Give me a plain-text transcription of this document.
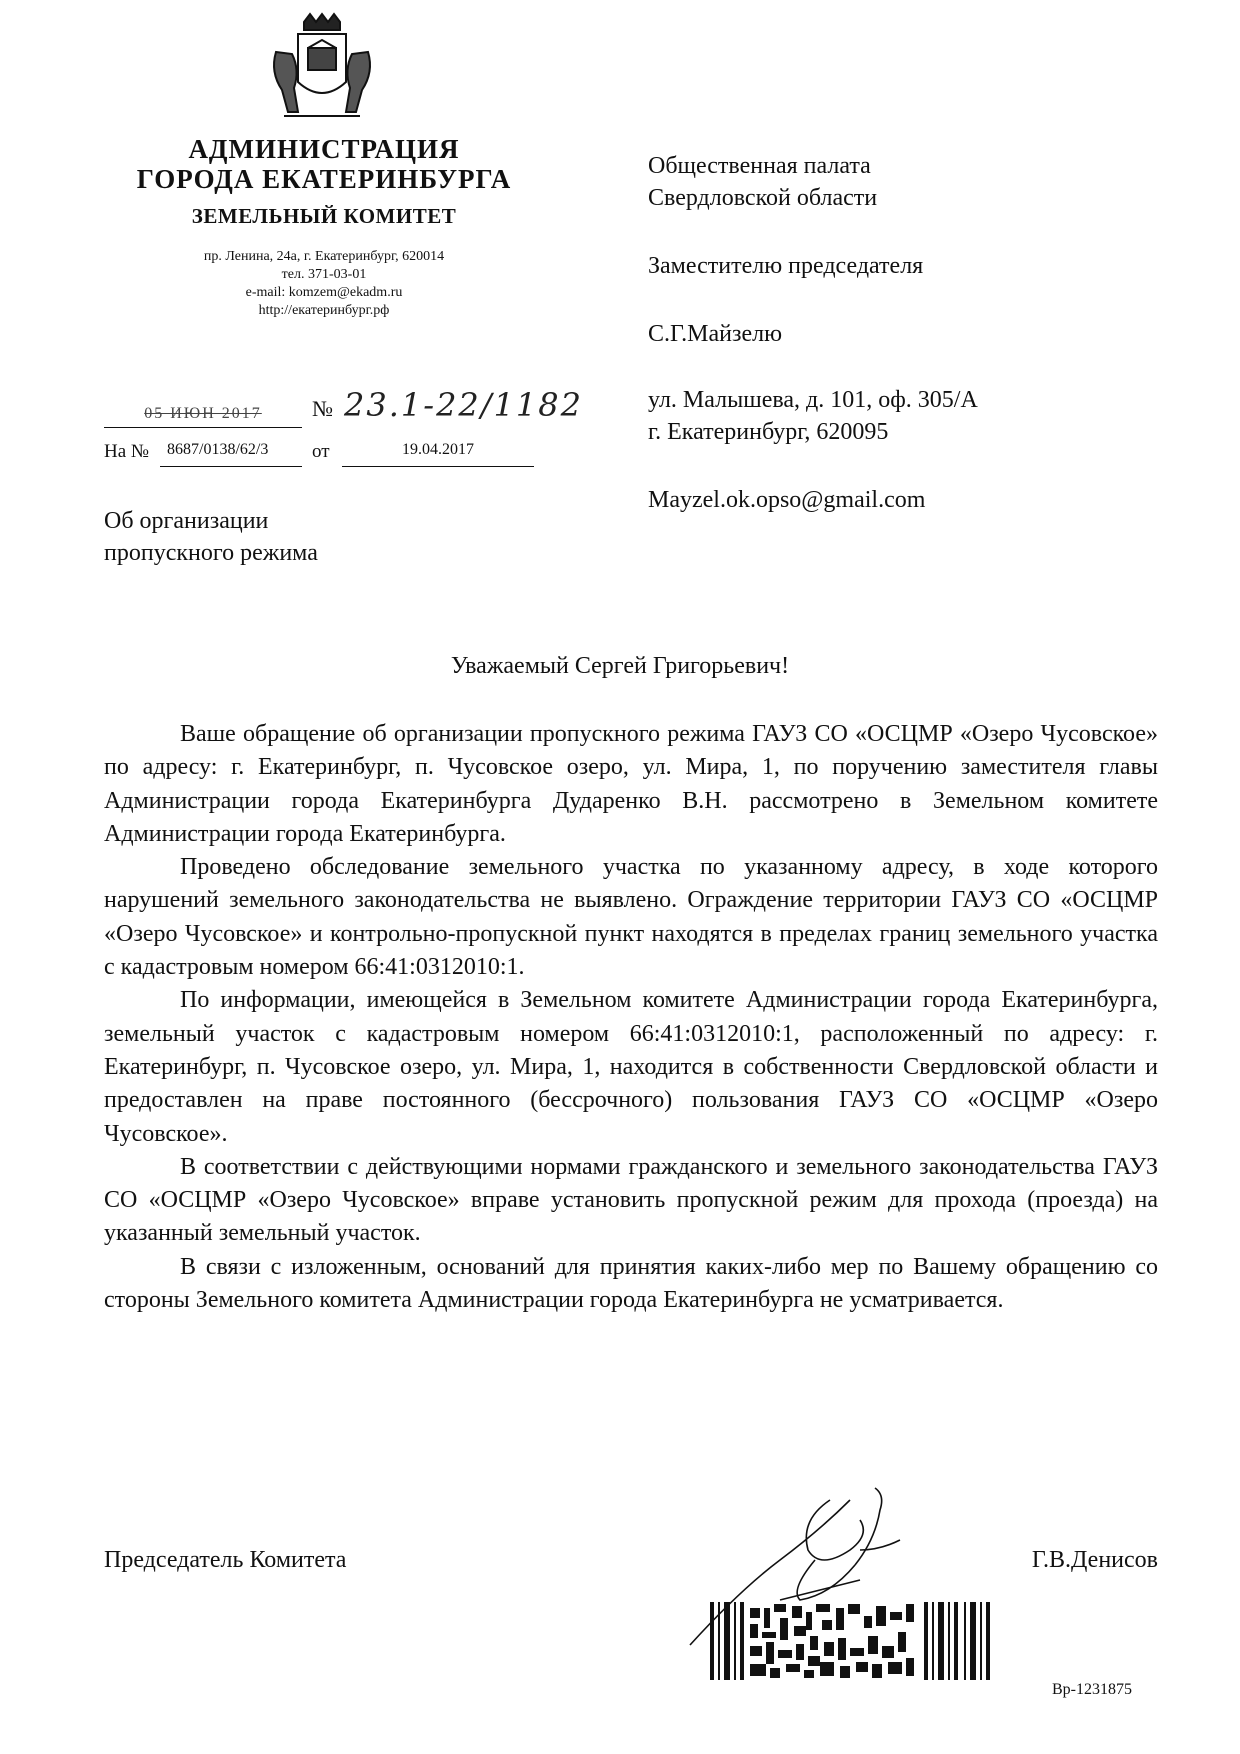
АДМИНИСТРАЦИЯ
ГОРОДА ЕКАТЕРИНБУРГА
ЗЕМЕЛЬНЫЙ КОМИТЕТ
пр. Ленина, 24а, г. Екатеринбург, 620014
тел. 371-03-01
e-mail: komzem@ekadm.ru
http://екатеринбург.рф
Общественная палата
Свердловской области
Заместителю председателя
С.Г.Майзелю
ул. Малышева, д. 101, оф. 305/А
г. Екатеринбург, 620095
Mayzel.ok.opso@gmail.com
05 ИЮН 2017	№ 23.1-22/1182
На № 8687/0138/62/3 от	19.04.2017
Об организации
пропускного режима
Уважаемый Сергей Григорьевич!

Ваше обращение об организации пропускного режима ГАУЗ СО «ОСЦМР «Озеро Чусовское» по адресу: г. Екатеринбург, п. Чусовское озеро, ул. Мира, 1, по поручению заместителя главы Администрации города Екатеринбурга Дударенко В.Н. рассмотрено в Земельном комитете Администрации города Екатеринбурга.

Проведено обследование земельного участка по указанному адресу, в ходе которого нарушений земельного законодательства не выявлено. Ограждение территории ГАУЗ СО «ОСЦМР «Озеро Чусовское» и контрольно-пропускной пункт находятся в пределах границ земельного участка с кадастровым номером 66:41:0312010:1.

По информации, имеющейся в Земельном комитете Администрации города Екатеринбурга, земельный участок с кадастровым номером 66:41:0312010:1, расположенный по адресу: г. Екатеринбург, п. Чусовское озеро, ул. Мира, 1, находится в собственности Свердловской области и предоставлен на праве постоянного (бессрочного) пользования ГАУЗ СО «ОСЦМР «Озеро Чусовское».

В соответствии с действующими нормами гражданского и земельного законодательства ГАУЗ СО «ОСЦМР «Озеро Чусовское» вправе установить пропускной режим для прохода (проезда) на указанный земельный участок.

В связи с изложенным, оснований для принятия каких-либо мер по Вашему обращению со стороны Земельного комитета Администрации города Екатеринбурга не усматривается.

Председатель Комитета	Г.В.Денисов
Вр-1231875
